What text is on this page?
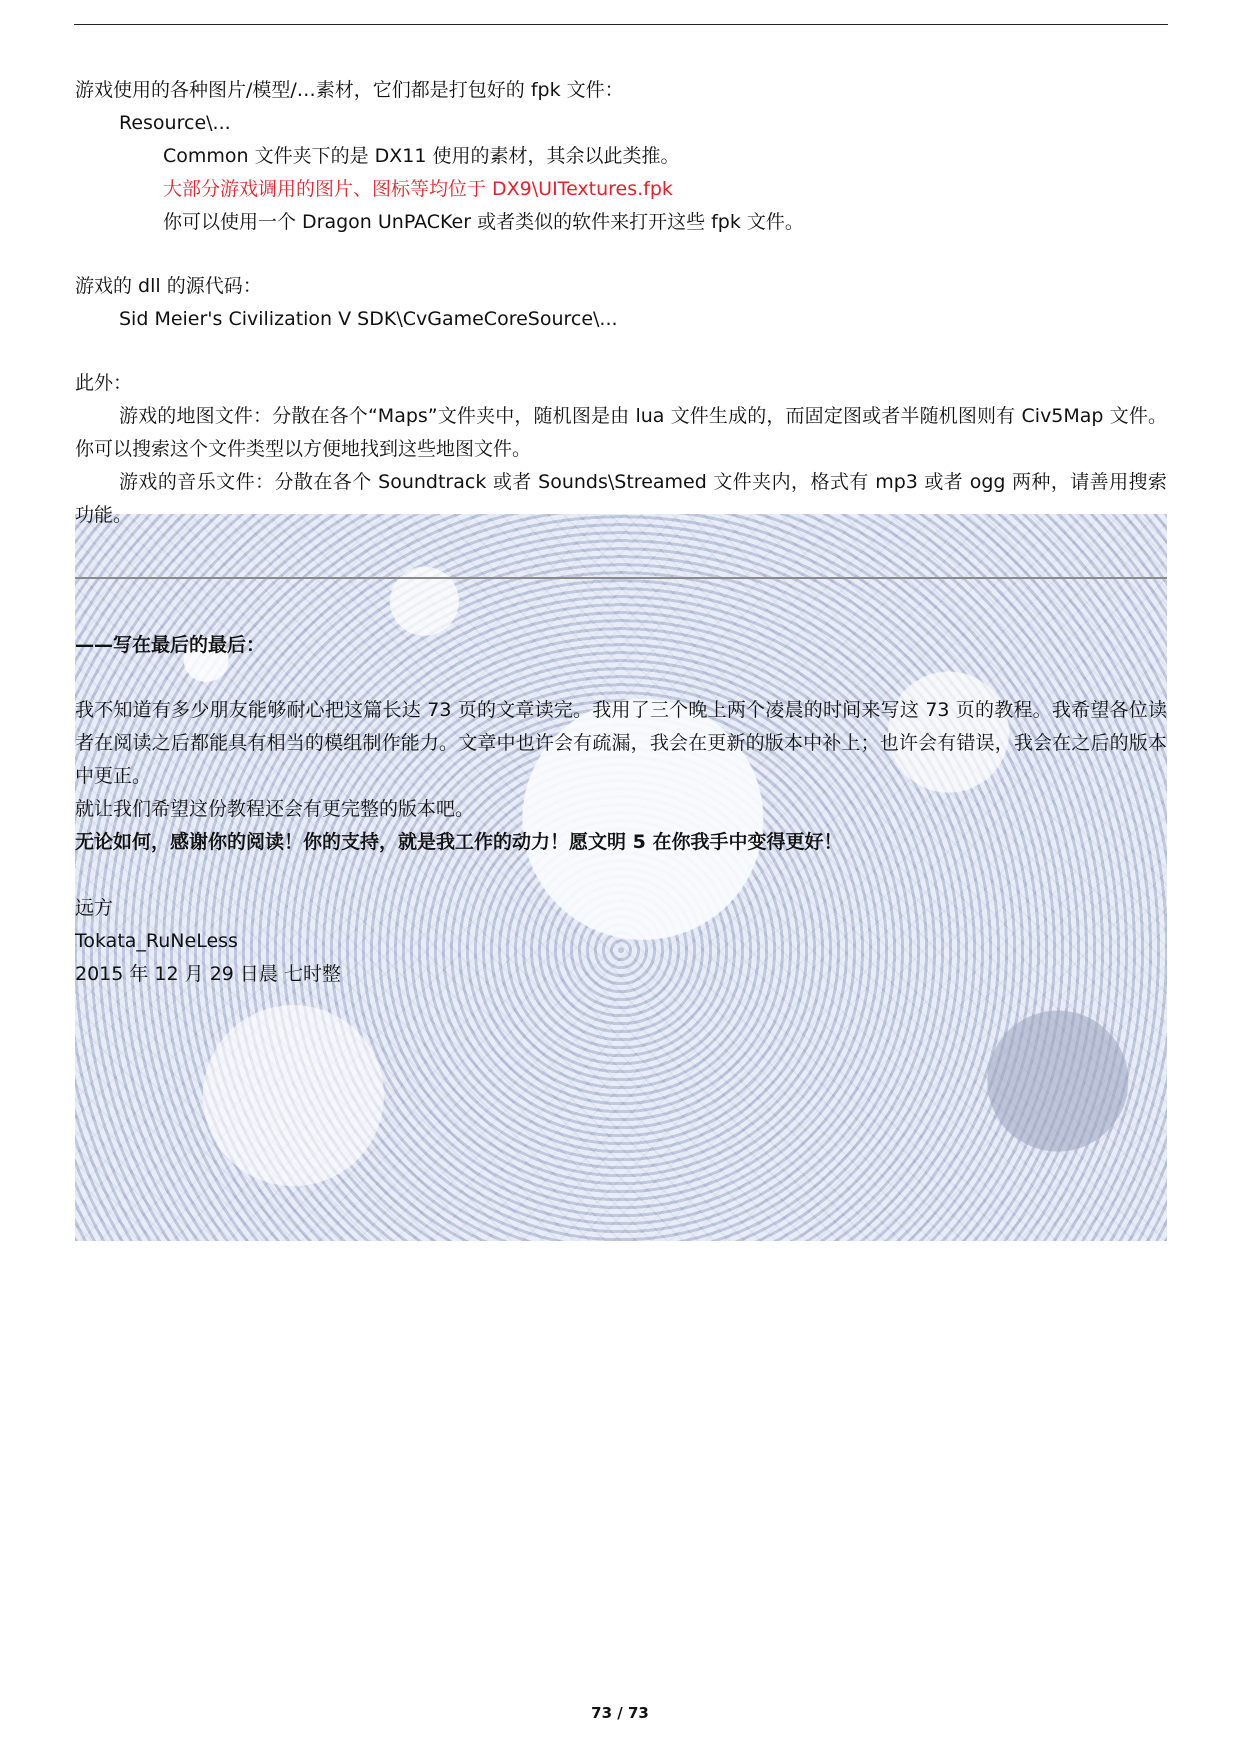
游戏使用的各种图片/模型/…素材，它们都是打包好的 fpk 文件：
Resource\...
Common 文件夹下的是 DX11 使用的素材，其余以此类推。
大部分游戏调用的图片、图标等均位于 DX9\UITextures.fpk
你可以使用一个 Dragon UnPACKer 或者类似的软件来打开这些 fpk 文件。
游戏的 dll 的源代码：
Sid Meier's Civilization V SDK\CvGameCoreSource\...
此外：

游戏的地图文件：分散在各个“Maps”文件夹中，随机图是由 lua 文件生成的，而固定图或者半随机图则有 Civ5Map 文件。你可以搜索这个文件类型以方便地找到这些地图文件。

游戏的音乐文件：分散在各个 Soundtrack 或者 Sounds\Streamed 文件夹内，格式有 mp3 或者 ogg 两种，请善用搜索功能。

——写在最后的最后：

我不知道有多少朋友能够耐心把这篇长达 73 页的文章读完。我用了三个晚上两个凌晨的时间来写这 73 页的教程。我希望各位读者在阅读之后都能具有相当的模组制作能力。文章中也许会有疏漏，我会在更新的版本中补上；也许会有错误，我会在之后的版本中更正。

就让我们希望这份教程还会有更完整的版本吧。
无论如何，感谢你的阅读！你的支持，就是我工作的动力！愿文明 5 在你我手中变得更好！
远方
Tokata_RuNeLess
2015 年 12 月 29 日晨 七时整
73 / 73
